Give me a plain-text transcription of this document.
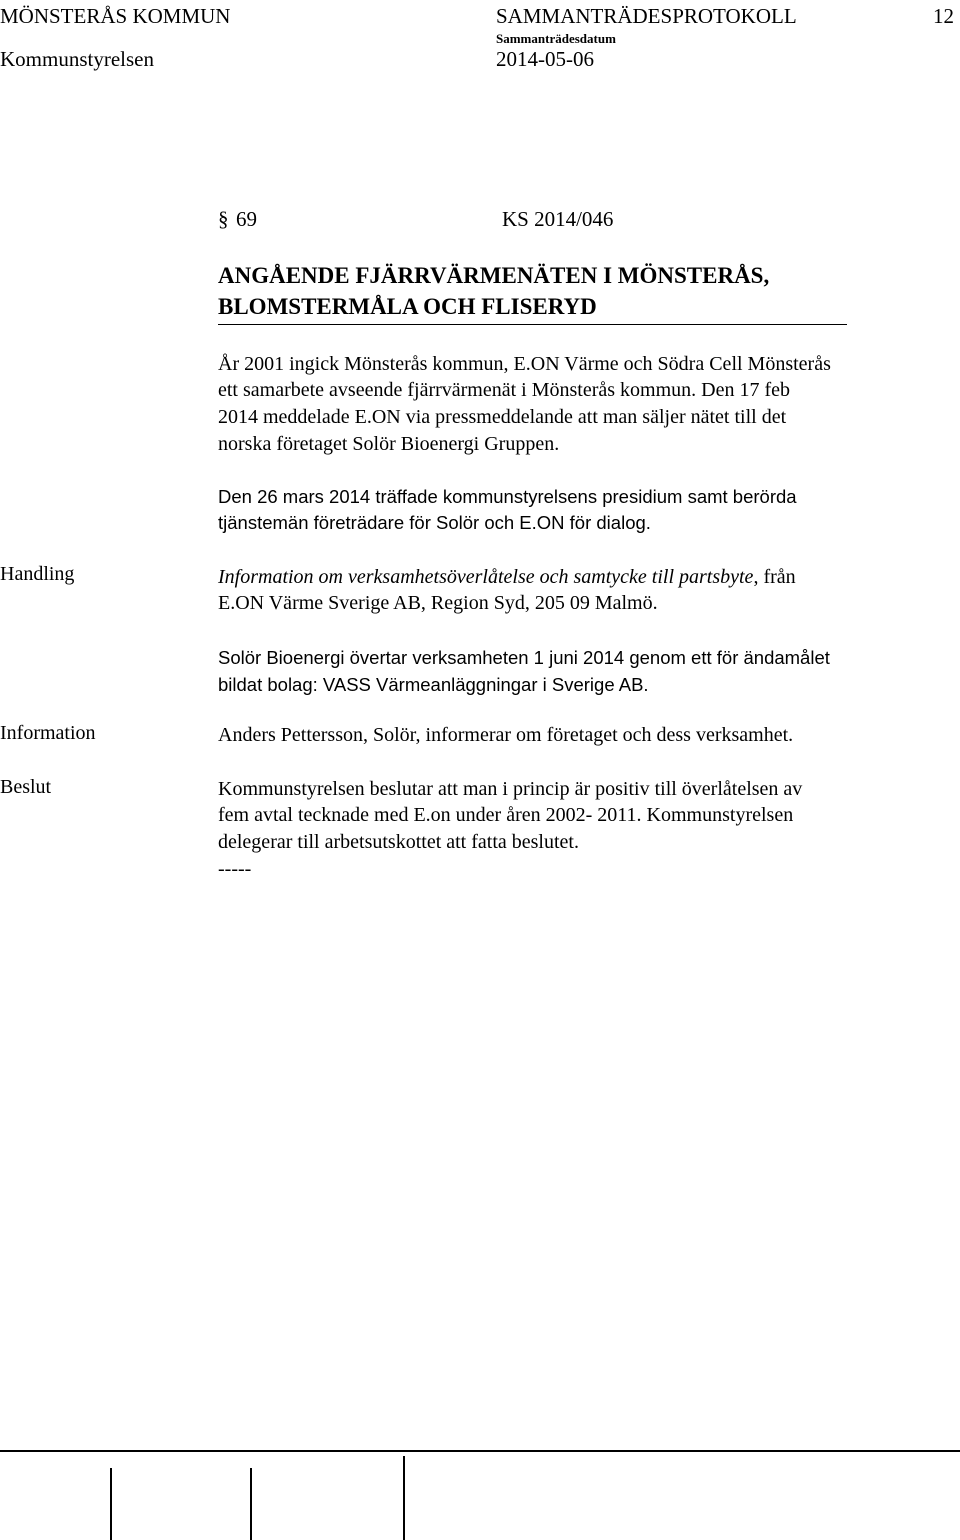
MÖNSTERÅS KOMMUN	SAMMANTRÄDESPROTOKOLL	12
Sammanträdesdatum
Kommunstyrelsen	2014-05-06
§ 69	KS 2014/046
ANGÅENDE FJÄRRVÄRMENÄTEN I MÖNSTERÅS,
BLOMSTERMÅLA OCH FLISERYD
År 2001 ingick Mönsterås kommun, E.ON Värme och Södra Cell Mönsterås
ett samarbete avseende fjärrvärmenät i Mönsterås kommun. Den 17 feb
2014 meddelade E.ON via pressmeddelande att man säljer nätet till det
norska företaget Solör Bioenergi Gruppen.
Den 26 mars 2014 träffade kommunstyrelsens presidium samt berörda
tjänstemän företrädare för Solör och E.ON för dialog.
Handling	Information om verksamhetsöverlåtelse och samtycke till partsbyte, från
E.ON Värme Sverige AB, Region Syd, 205 09 Malmö.
Solör Bioenergi övertar verksamheten 1 juni 2014 genom ett för ändamålet
bildat bolag: VASS Värmeanläggningar i Sverige AB.
Information	Anders Pettersson, Solör, informerar om företaget och dess verksamhet.
Beslut	Kommunstyrelsen beslutar att man i princip är positiv till överlåtelsen av
fem avtal tecknade med E.on under åren 2002- 2011. Kommunstyrelsen
delegerar till arbetsutskottet att fatta beslutet.
-----
